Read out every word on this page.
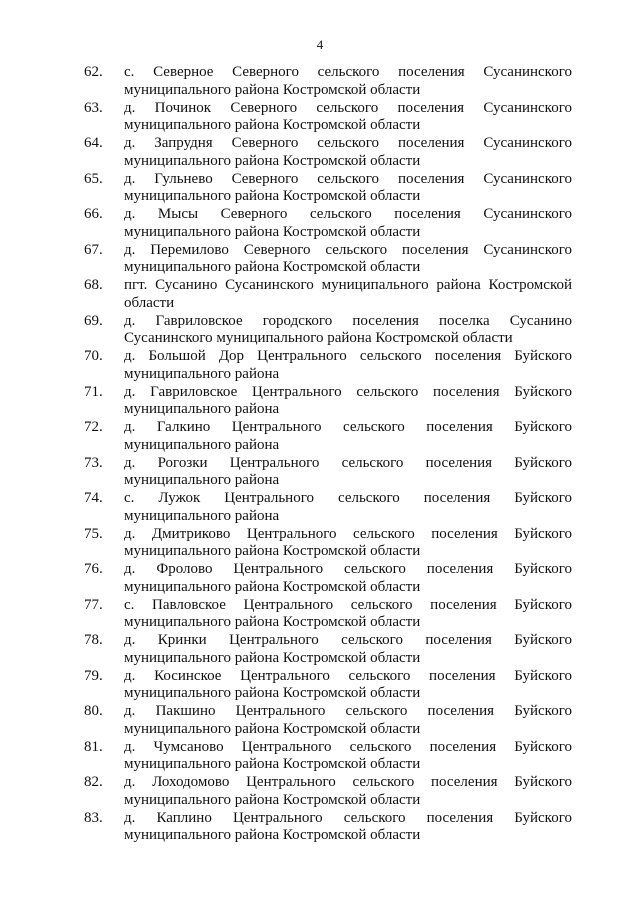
4
62.	с. Северное Северного сельского поселения Сусанинского муниципального района Костромской области
63.	д. Починок Северного сельского поселения Сусанинского муниципального района Костромской области
64.	д. Запрудня Северного сельского поселения Сусанинского муниципального района Костромской области
65.	д. Гульнево Северного сельского поселения Сусанинского муниципального района Костромской области
66.	д. Мысы Северного сельского поселения Сусанинского муниципального района Костромской области
67.	д. Перемилово Северного сельского поселения Сусанинского муниципального района Костромской области
68.	пгт. Сусанино Сусанинского муниципального района Костромской области
69.	д. Гавриловское городского поселения поселка Сусанино Сусанинского муниципального района Костромской области
70.	д. Большой Дор Центрального сельского поселения Буйского муниципального района
71.	д. Гавриловское Центрального сельского поселения Буйского муниципального района
72.	д. Галкино Центрального сельского поселения Буйского муниципального района
73.	д. Рогозки Центрального сельского поселения Буйского муниципального района
74.	с. Лужок Центрального сельского поселения Буйского муниципального района
75.	д. Дмитриково Центрального сельского поселения Буйского муниципального района Костромской области
76.	д. Фролово Центрального сельского поселения Буйского муниципального района Костромской области
77.	с. Павловское Центрального сельского поселения Буйского муниципального района Костромской области
78.	д. Кринки Центрального сельского поселения Буйского муниципального района Костромской области
79.	д. Косинское Центрального сельского поселения Буйского муниципального района Костромской области
80.	д. Пакшино Центрального сельского поселения Буйского муниципального района Костромской области
81.	д. Чумсаново Центрального сельского поселения Буйского муниципального района Костромской области
82.	д. Лоходомово Центрального сельского поселения Буйского муниципального района Костромской области
83.	д. Каплино Центрального сельского поселения Буйского муниципального района Костромской области
